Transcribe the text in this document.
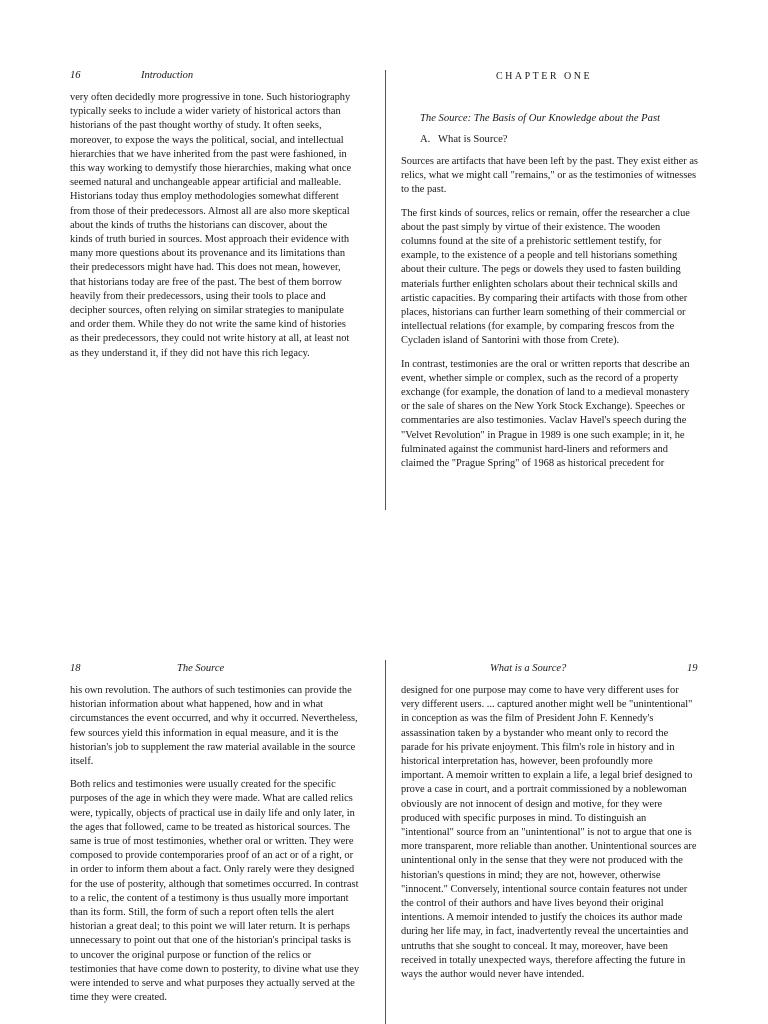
16	Introduction

very often decidedly more progressive in tone. Such historiography typically seeks to include a wider variety of historical actors than historians of the past thought worthy of study. It often seeks, moreover, to expose the ways the political, social, and intellectual hierarchies that we have inherited from the past were fashioned, in this way working to demystify those hierarchies, making what once seemed natural and unchangeable appear artificial and malleable. Historians today thus employ methodologies somewhat different from those of their predecessors. Almost all are also more skeptical about the kinds of truths the historians can discover, about the kinds of truth buried in sources. Most approach their evidence with many more questions about its provenance and its limitations than their predecessors might have had. This does not mean, however, that historians today are free of the past. The best of them borrow heavily from their predecessors, using their tools to place and decipher sources, often relying on similar strategies to manipulate and order them. While they do not write the same kind of histories as their predecessors, they could not write history at all, at least not as they understand it, if they did not have this rich legacy.

CHAPTER ONE
The Source: The Basis of Our Knowledge about the Past
A.   What is Source?

Sources are artifacts that have been left by the past. They exist either as relics, what we might call "remains," or as the testimonies of witnesses to the past.

The first kinds of sources, relics or remain, offer the researcher a clue about the past simply by virtue of their existence. The wooden columns found at the site of a prehistoric settlement testify, for example, to the existence of a people and tell historians something about their culture. The pegs or dowels they used to fasten building materials further enlighten scholars about their technical skills and artistic capacities. By comparing their artifacts with those from other places, historians can further learn something of their commercial or intellectual relations (for example, by comparing frescos from the Cycladen island of Santorini with those from Crete).

In contrast, testimonies are the oral or written reports that describe an event, whether simple or complex, such as the record of a property exchange (for example, the donation of land to a medieval monastery or the sale of shares on the New York Stock Exchange). Speeches or commentaries are also testimonies. Vaclav Havel's speech during the "Velvet Revolution" in Prague in 1989 is one such example; in it, he fulminated against the communist hard-liners and reformers and claimed the "Prague Spring" of 1968 as historical precedent for

18	The Source

his own revolution. The authors of such testimonies can provide the historian information about what happened, how and in what circumstances the event occurred, and why it occurred. Nevertheless, few sources yield this information in equal measure, and it is the historian's job to supplement the raw material available in the source itself.

Both relics and testimonies were usually created for the specific purposes of the age in which they were made. What are called relics were, typically, objects of practical use in daily life and only later, in the ages that followed, came to be treated as historical sources. The same is true of most testimonies, whether oral or written. They were composed to provide contemporaries proof of an act or of a right, or in order to inform them about a fact. Only rarely were they designed for the use of posterity, although that sometimes occurred. In contrast to a relic, the content of a testimony is thus usually more important than its form. Still, the form of such a report often tells the alert historian a great deal; to this point we will later return. It is perhaps unnecessary to point out that one of the historian's principal tasks is to uncover the original purpose or function of the relics or testimonies that have come down to posterity, to divine what use they were intended to serve and what purposes they actually served at the time they were created.

What is a Source?	19

designed for one purpose may come to have very different uses for very different users. ... captured another might well be "unintentional" in conception as was the film of President John F. Kennedy's assassination taken by a bystander who meant only to record the parade for his private enjoyment. This film's role in history and in historical interpretation has, however, been profoundly more important. A memoir written to explain a life, a legal brief designed to prove a case in court, and a portrait commissioned by a noblewoman obviously are not innocent of design and motive, for they were produced with specific purposes in mind. To distinguish an "intentional" source from an "unintentional" is not to argue that one is more transparent, more reliable than another. Unintentional sources are unintentional only in the sense that they were not produced with the historian's questions in mind; they are not, however, otherwise "innocent." Conversely, intentional source contain features not under the control of their authors and have lives beyond their original intentions. A memoir intended to justify the choices its author made during her life may, in fact, inadvertently reveal the uncertainties and untruths that she sought to conceal. It may, moreover, have been received in totally unexpected ways, therefore affecting the future in ways the author would never have intended.
